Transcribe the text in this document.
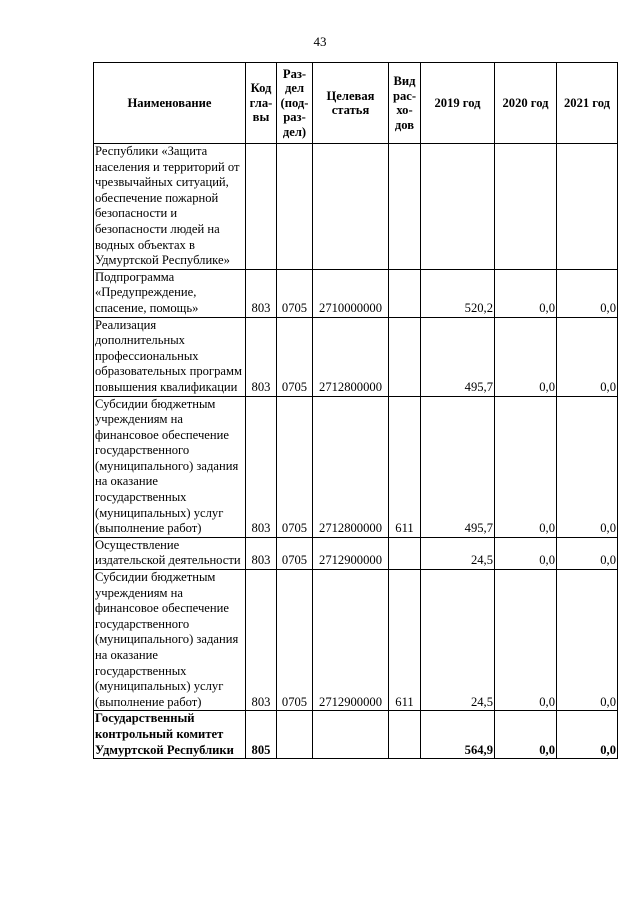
43
Наименование	Код гла- вы	Раз- дел (под- раз- дел)	Целевая статья	Вид рас- хо- дов	2019 год	2020 год	2021 год
Республики «Защита населения и территорий от чрезвычайных ситуаций, обеспечение пожарной безопасности и безопасности людей на водных объектах в Удмуртской Республике»							
Подпрограмма «Предупреждение, спасение, помощь»	803	0705	2710000000		520,2	0,0	0,0
Реализация дополнительных профессиональных образовательных программ повышения квалификации	803	0705	2712800000		495,7	0,0	0,0
Субсидии бюджетным учреждениям на финансовое обеспечение государственного (муниципального) задания на оказание государственных (муниципальных) услуг (выполнение работ)	803	0705	2712800000	611	495,7	0,0	0,0
Осуществление издательской деятельности	803	0705	2712900000		24,5	0,0	0,0
Субсидии бюджетным учреждениям на финансовое обеспечение государственного (муниципального) задания на оказание государственных (муниципальных) услуг (выполнение работ)	803	0705	2712900000	611	24,5	0,0	0,0
Государственный контрольный комитет Удмуртской Республики	805				564,9	0,0	0,0
